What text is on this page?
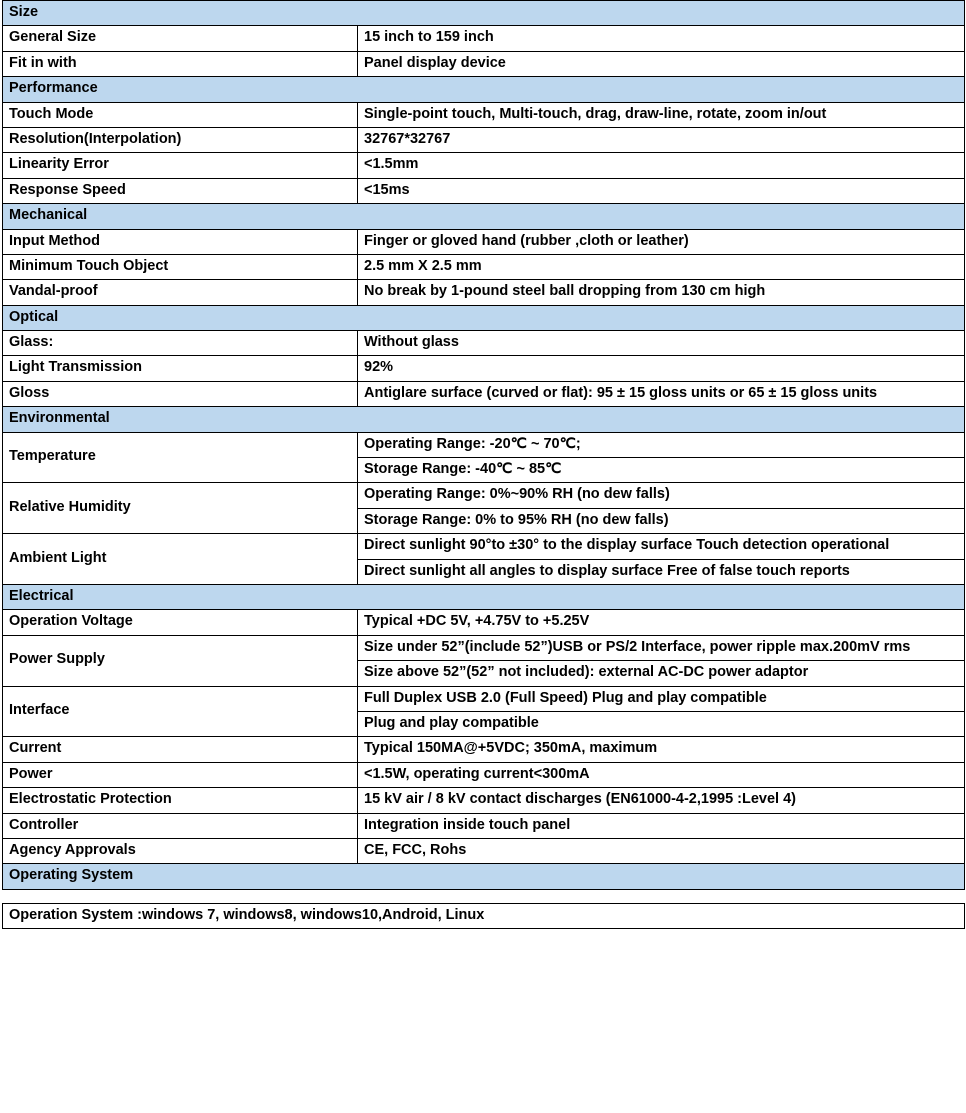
Size	
General Size	15 inch to 159 inch
Fit in with	Panel display device
Performance	
Touch Mode	Single-point touch, Multi-touch, drag, draw-line, rotate, zoom in/out
Resolution(Interpolation)	32767*32767
Linearity Error	<1.5mm
Response Speed	<15ms
Mechanical	
Input Method	Finger or gloved hand (rubber ,cloth or leather)
Minimum Touch Object	2.5 mm X 2.5 mm
Vandal-proof	No break by 1-pound steel ball dropping from 130 cm high
Optical	
Glass:	Without glass
Light Transmission	92%
Gloss	Antiglare surface (curved or flat): 95 ± 15 gloss units or 65 ± 15 gloss units
Environmental	
Temperature	Operating Range: -20℃ ~ 70℃;
	Storage Range: -40℃ ~ 85℃
Relative Humidity	Operating Range: 0%~90% RH (no dew falls)
	Storage Range: 0% to 95% RH (no dew falls)
Ambient Light	Direct sunlight 90°to ±30° to the display surface Touch detection operational
	Direct sunlight all angles to display surface Free of false touch reports
Electrical	
Operation Voltage	Typical +DC 5V, +4.75V to +5.25V
Power Supply	Size under 52”(include 52”)USB or PS/2 Interface, power ripple max.200mV rms
	Size above 52”(52” not included): external AC-DC power adaptor
Interface	Full Duplex USB 2.0 (Full Speed) Plug and play compatible
	Plug and play compatible
Current	Typical 150MA@+5VDC; 350mA, maximum
Power	<1.5W, operating current<300mA
Electrostatic Protection	15 kV air / 8 kV contact discharges (EN61000-4-2,1995 :Level 4)
Controller	Integration inside touch panel
Agency Approvals	CE, FCC, Rohs
Operating System	

Operation System :windows 7, windows8, windows10,Android, Linux	
